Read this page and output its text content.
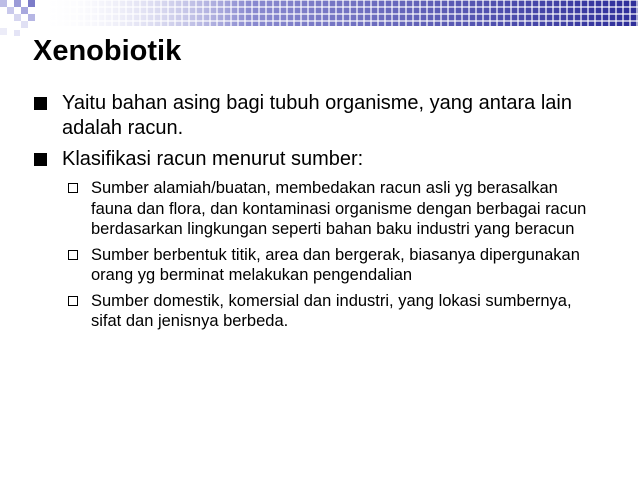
Xenobiotik
Yaitu bahan asing bagi tubuh organisme, yang antara lain adalah racun.
Klasifikasi racun menurut sumber:
Sumber alamiah/buatan, membedakan racun asli yg berasalkan fauna dan flora, dan kontaminasi organisme dengan berbagai racun berdasarkan lingkungan seperti bahan baku industri yang beracun
Sumber berbentuk titik, area dan bergerak, biasanya dipergunakan orang yg berminat melakukan pengendalian
Sumber domestik, komersial dan industri, yang lokasi sumbernya, sifat dan jenisnya berbeda.
